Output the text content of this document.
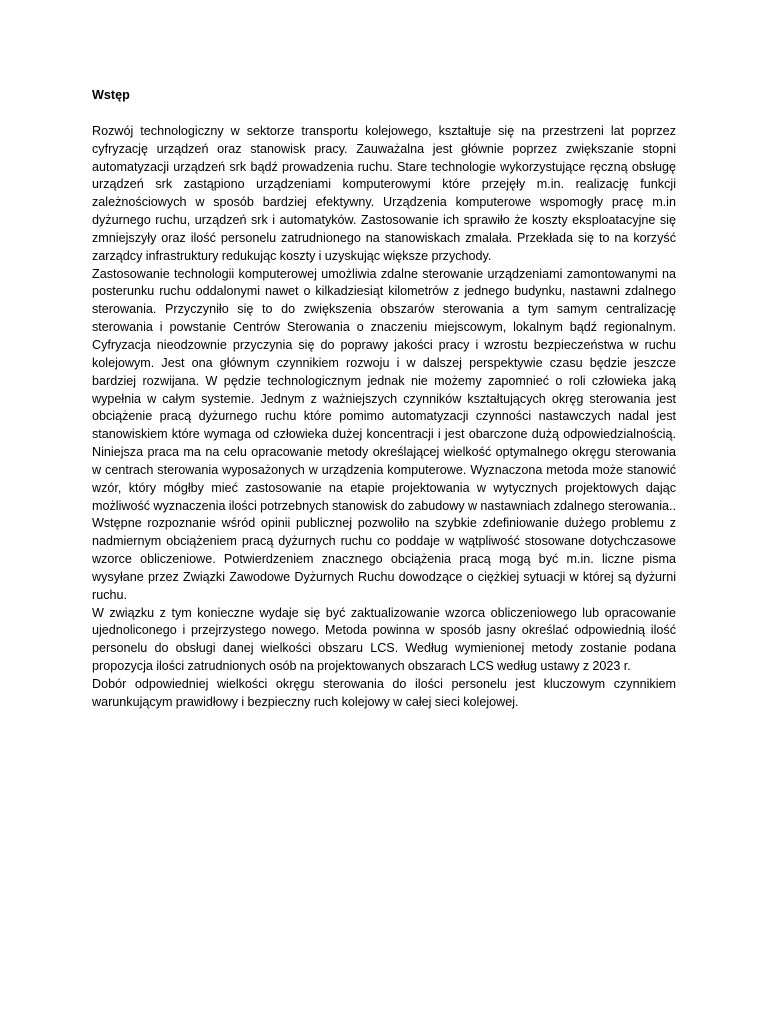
Wstęp

Rozwój technologiczny w sektorze transportu kolejowego, kształtuje się na przestrzeni lat poprzez cyfryzację urządzeń oraz stanowisk pracy. Zauważalna jest głównie poprzez zwiększanie stopni automatyzacji urządzeń srk bądź prowadzenia ruchu. Stare technologie wykorzystujące ręczną obsługę urządzeń srk zastąpiono urządzeniami komputerowymi które przejęły m.in. realizację funkcji zależnościowych w sposób bardziej efektywny. Urządzenia komputerowe wspomogły pracę m.in dyżurnego ruchu, urządzeń srk i automatyków. Zastosowanie ich sprawiło że koszty eksploatacyjne się zmniejszyły oraz ilość personelu zatrudnionego na stanowiskach zmalała. Przekłada się to na korzyść zarządcy infrastruktury redukując koszty i uzyskując większe przychody.

Zastosowanie technologii komputerowej umożliwia zdalne sterowanie urządzeniami zamontowanymi na posterunku ruchu oddalonymi nawet o kilkadziesiąt kilometrów z jednego budynku, nastawni zdalnego sterowania. Przyczyniło się to do zwiększenia obszarów sterowania a tym samym centralizację sterowania i powstanie Centrów Sterowania o znaczeniu miejscowym, lokalnym bądź regionalnym. Cyfryzacja nieodzownie przyczynia się do poprawy jakości pracy i wzrostu bezpieczeństwa w ruchu kolejowym. Jest ona głównym czynnikiem rozwoju i w dalszej perspektywie czasu będzie jeszcze bardziej rozwijana. W pędzie technologicznym jednak nie możemy zapomnieć o roli człowieka jaką wypełnia w całym systemie. Jednym z ważniejszych czynników kształtujących okręg sterowania jest obciążenie pracą dyżurnego ruchu które pomimo automatyzacji czynności nastawczych nadal jest stanowiskiem które wymaga od człowieka dużej koncentracji i jest obarczone dużą odpowiedzialnością. Niniejsza praca ma na celu opracowanie metody określającej wielkość optymalnego okręgu sterowania w centrach sterowania wyposażonych w urządzenia komputerowe. Wyznaczona metoda może stanowić wzór, który mógłby mieć zastosowanie na etapie projektowania w wytycznych projektowych dając możliwość wyznaczenia ilości potrzebnych stanowisk do zabudowy w nastawniach zdalnego sterowania.. Wstępne rozpoznanie wśród opinii publicznej pozwoliło na szybkie zdefiniowanie dużego problemu z nadmiernym obciążeniem pracą dyżurnych ruchu co poddaje w wątpliwość stosowane dotychczasowe wzorce obliczeniowe. Potwierdzeniem znacznego obciążenia pracą mogą być m.in. liczne pisma wysyłane przez Związki Zawodowe Dyżurnych Ruchu dowodzące o ciężkiej sytuacji w której są dyżurni ruchu.

W związku z tym konieczne wydaje się być zaktualizowanie wzorca obliczeniowego lub opracowanie ujednoliconego i przejrzystego nowego. Metoda powinna w sposób jasny określać odpowiednią ilość personelu do obsługi danej wielkości obszaru LCS. Według wymienionej metody zostanie podana propozycja ilości zatrudnionych osób na projektowanych obszarach LCS według ustawy z 2023 r.

Dobór odpowiedniej wielkości okręgu sterowania do ilości personelu jest kluczowym czynnikiem warunkującym prawidłowy i bezpieczny ruch kolejowy w całej sieci kolejowej.
